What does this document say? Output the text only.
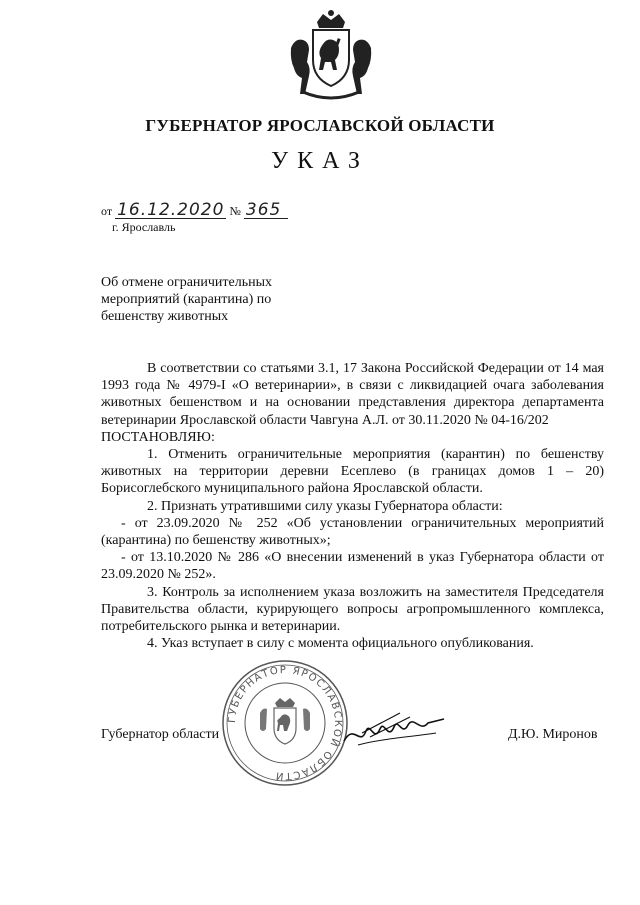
ГУБЕРНАТОР ЯРОСЛАВСКОЙ ОБЛАСТИ
УКАЗ
от 16.12.2020 № 365
г. Ярославль
Об отмене ограничительных мероприятий (карантина) по бешенству животных

В соответствии со статьями 3.1, 17 Закона Российской Федерации от 14 мая 1993 года № 4979-I «О ветеринарии», в связи с ликвидацией очага заболевания животных бешенством и на основании представления директора департамента ветеринарии Ярославской области Чавгуна А.Л. от 30.11.2020 № 04-16/202

ПОСТАНОВЛЯЮ:

1. Отменить ограничительные мероприятия (карантин) по бешенству животных на территории деревни Есеплево (в границах домов 1 – 20) Борисоглебского муниципального района Ярославской области.

2. Признать утратившими силу указы Губернатора области:

- от 23.09.2020 № 252 «Об установлении ограничительных мероприятий (карантина) по бешенству животных»;

- от 13.10.2020 № 286 «О внесении изменений в указ Губернатора области от 23.09.2020 № 252».

3. Контроль за исполнением указа возложить на заместителя Председателя Правительства области, курирующего вопросы агропромышленного комплекса, потребительского рынка и ветеринарии.

4. Указ вступает в силу с момента официального опубликования.

ГУБЕРНАТОР ЯРОСЛАВСКОЙ ОБЛАСТИ
Губернатор области	Д.Ю. Миронов
